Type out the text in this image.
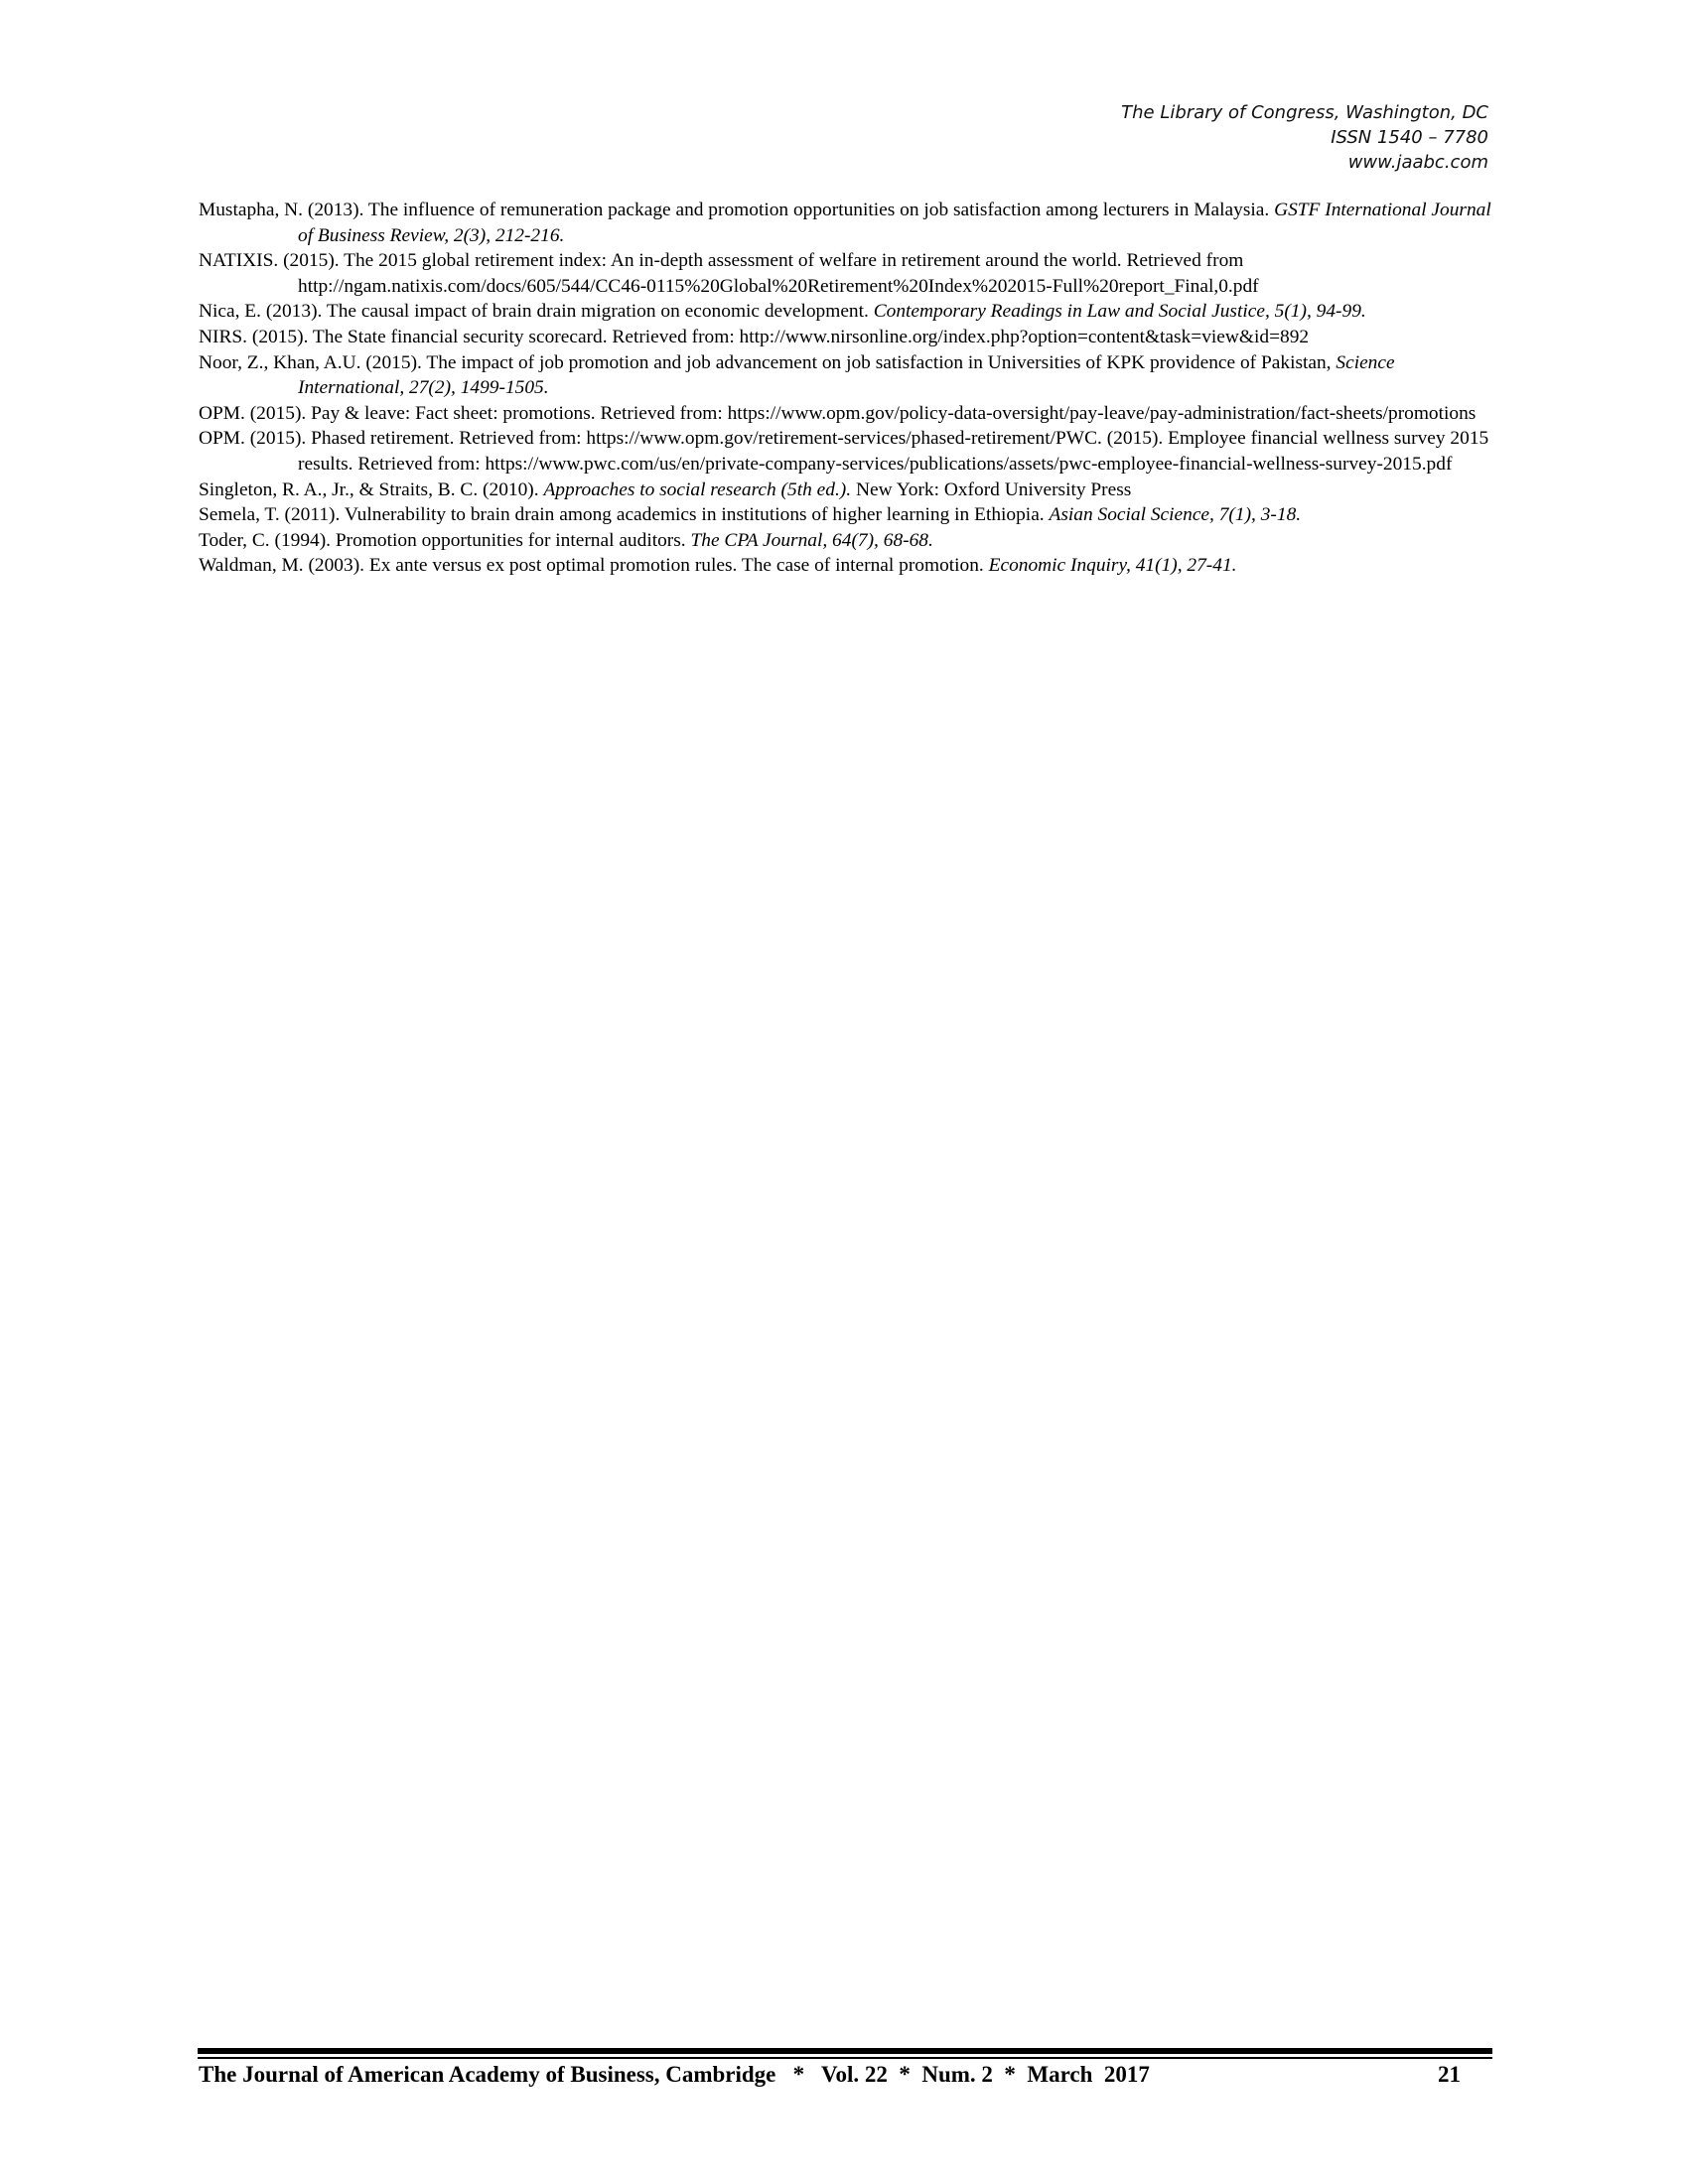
The Library of Congress, Washington, DC
ISSN 1540 – 7780
www.jaabc.com

Mustapha, N. (2013). The influence of remuneration package and promotion opportunities on job satisfaction among lecturers in Malaysia. GSTF International Journal of Business Review, 2(3), 212-216.

NATIXIS. (2015). The 2015 global retirement index: An in-depth assessment of welfare in retirement around the world. Retrieved from http://ngam.natixis.com/docs/605/544/CC46-0115%20Global%20Retirement%20Index%202015-Full%20report_Final,0.pdf

Nica, E. (2013). The causal impact of brain drain migration on economic development. Contemporary Readings in Law and Social Justice, 5(1), 94-99.

NIRS. (2015). The State financial security scorecard. Retrieved from: http://www.nirsonline.org/index.php?option=content&task=view&id=892

Noor, Z., Khan, A.U. (2015). The impact of job promotion and job advancement on job satisfaction in Universities of KPK providence of Pakistan, Science International, 27(2), 1499-1505.

OPM. (2015). Pay & leave: Fact sheet: promotions. Retrieved from: https://www.opm.gov/policy-data-oversight/pay-leave/pay-administration/fact-sheets/promotions

OPM. (2015). Phased retirement. Retrieved from: https://www.opm.gov/retirement-services/phased-retirement/PWC. (2015). Employee financial wellness survey 2015 results. Retrieved from: https://www.pwc.com/us/en/private-company-services/publications/assets/pwc-employee-financial-wellness-survey-2015.pdf

Singleton, R. A., Jr., & Straits, B. C. (2010). Approaches to social research (5th ed.). New York: Oxford University Press

Semela, T. (2011). Vulnerability to brain drain among academics in institutions of higher learning in Ethiopia. Asian Social Science, 7(1), 3-18.

Toder, C. (1994). Promotion opportunities for internal auditors. The CPA Journal, 64(7), 68-68.

Waldman, M. (2003). Ex ante versus ex post optimal promotion rules. The case of internal promotion. Economic Inquiry, 41(1), 27-41.

The Journal of American Academy of Business, Cambridge   *   Vol. 22  *  Num. 2  *  March  2017	21
